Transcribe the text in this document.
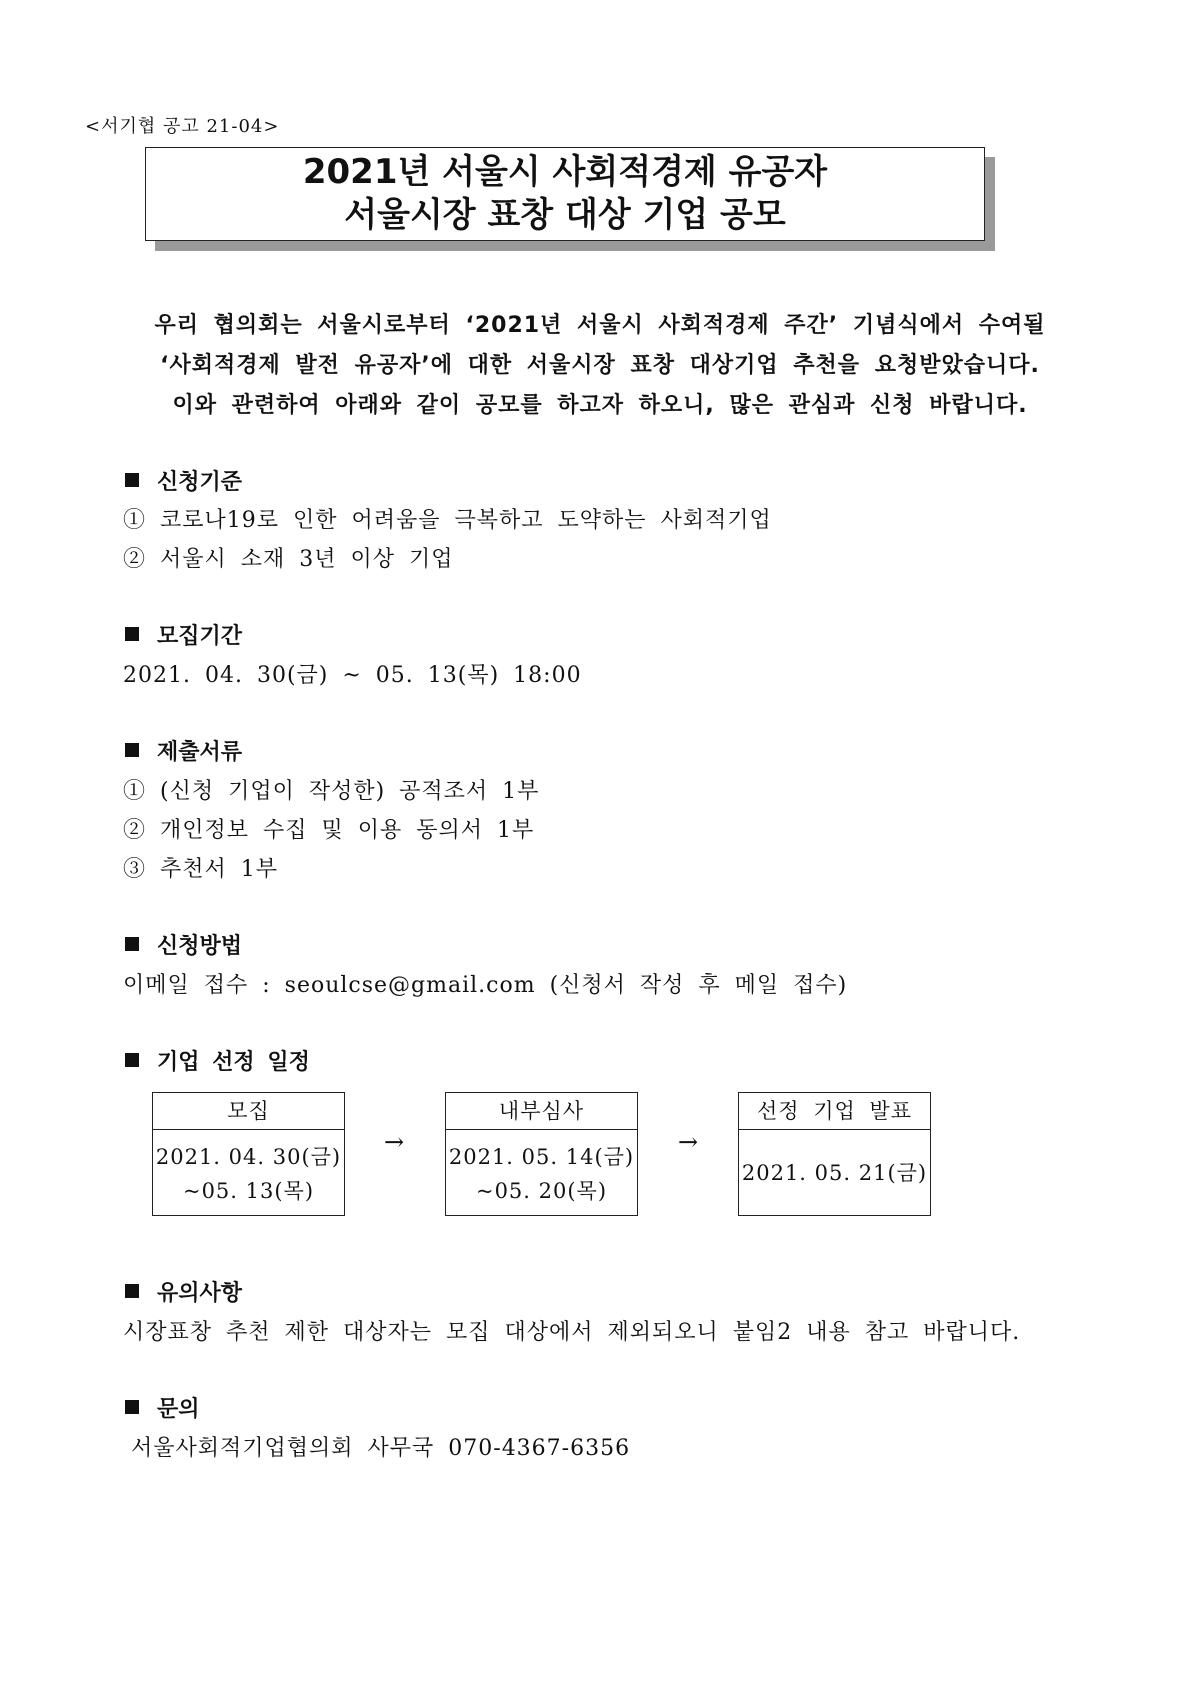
<서기협 공고 21-04>
2021년 서울시 사회적경제 유공자
서울시장 표창 대상 기업 공모
우리 협의회는 서울시로부터 ‘2021년 서울시 사회적경제 주간’ 기념식에서 수여될
‘사회적경제 발전 유공자’에 대한 서울시장 표창 대상기업 추천을 요청받았습니다.
이와 관련하여 아래와 같이 공모를 하고자 하오니, 많은 관심과 신청 바랍니다.
신청기준
① 코로나19로 인한 어려움을 극복하고 도약하는 사회적기업
② 서울시 소재 3년 이상 기업
모집기간
2021. 04. 30(금) ~ 05. 13(목) 18:00
제출서류
① (신청 기업이 작성한) 공적조서 1부
② 개인정보 수집 및 이용 동의서 1부
③ 추천서 1부
신청방법
이메일 접수 : seoulcse@gmail.com (신청서 작성 후 메일 접수)
기업 선정 일정
모집
2021. 04. 30(금)
~05. 13(목)
→
내부심사
2021. 05. 14(금)
~05. 20(목)
→
선정 기업 발표
2021. 05. 21(금)
유의사항
시장표창 추천 제한 대상자는 모집 대상에서 제외되오니 붙임2 내용 참고 바랍니다.
문의
서울사회적기업협의회 사무국 070-4367-6356
